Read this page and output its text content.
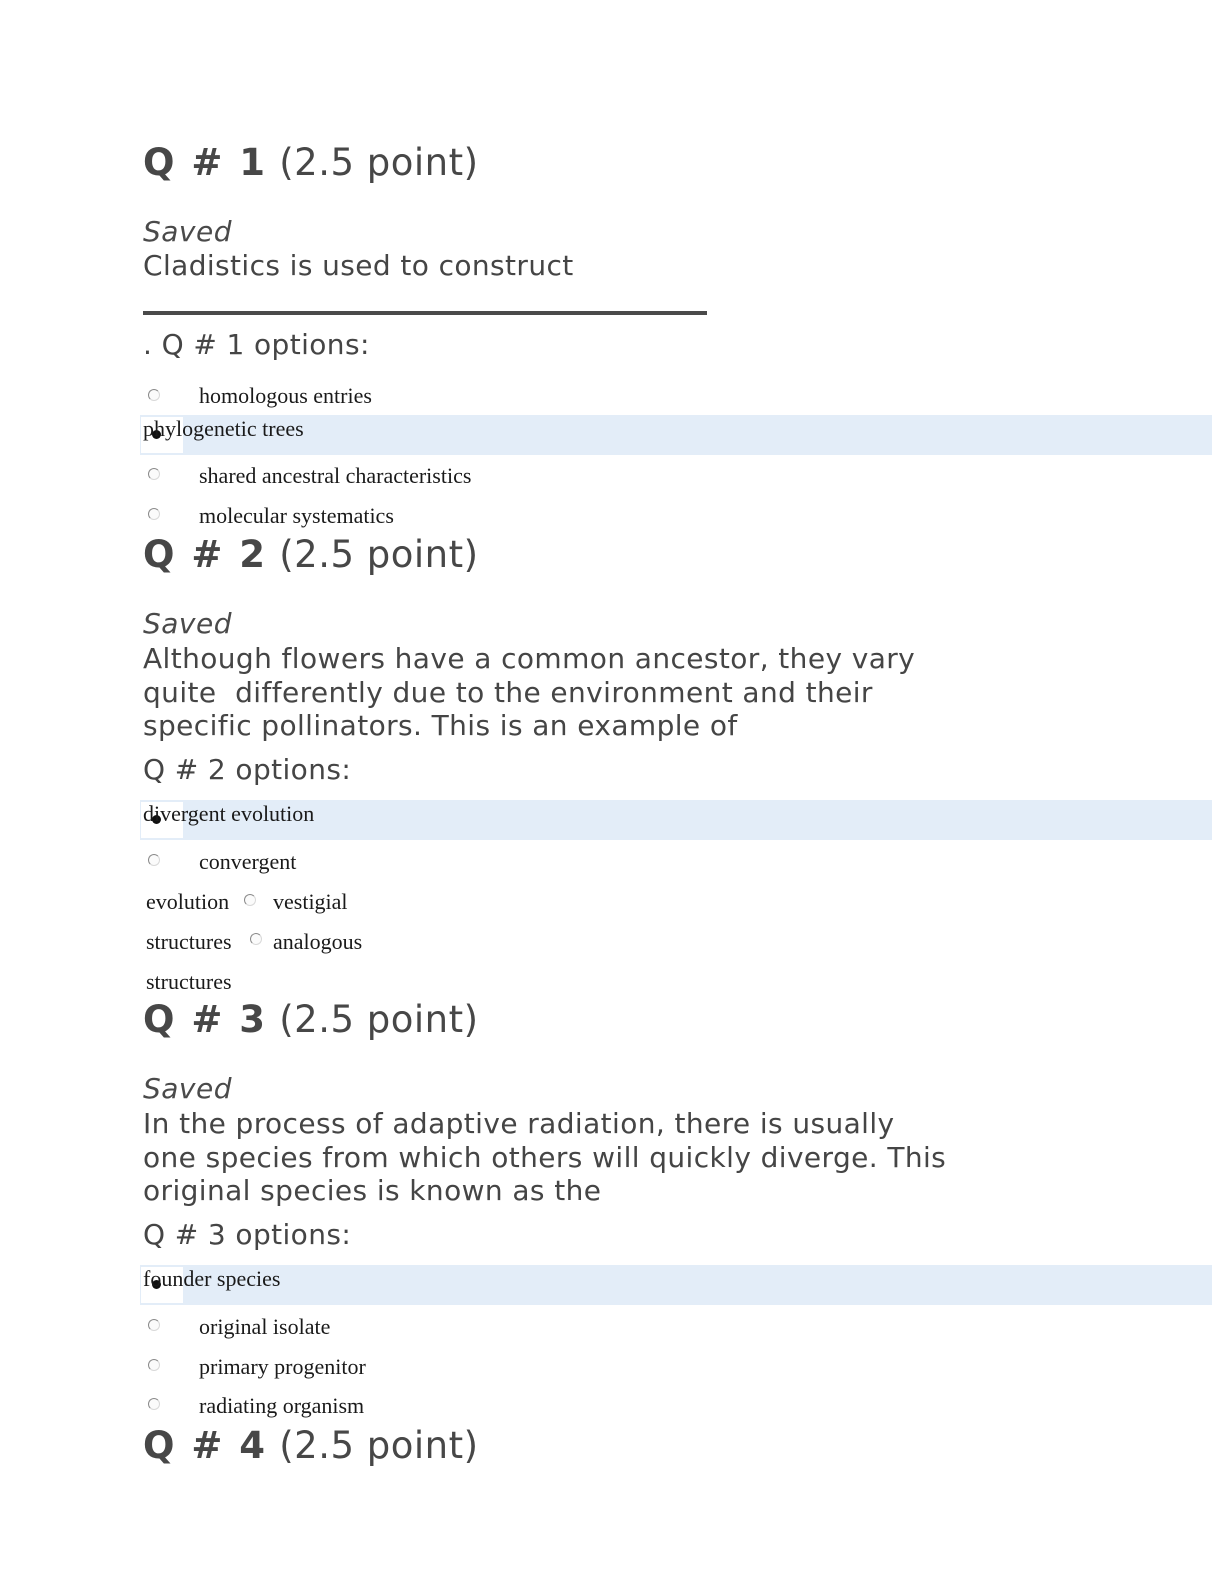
Q # 1 (2.5 point)
Saved
Cladistics is used to construct
. Q # 1 options:
homologous entries
phylogenetic trees
shared ancestral characteristics
molecular systematics
Q # 2 (2.5 point)
Saved
Although flowers have a common ancestor, they vary
quite  differently due to the environment and their
specific pollinators. This is an example of
Q # 2 options:
divergent evolution
convergent
evolution vestigial
structures analogous
structures
Q # 3 (2.5 point)
Saved
In the process of adaptive radiation, there is usually
one species from which others will quickly diverge. This
original species is known as the
Q # 3 options:
founder species
original isolate
primary progenitor
radiating organism
Q # 4 (2.5 point)
